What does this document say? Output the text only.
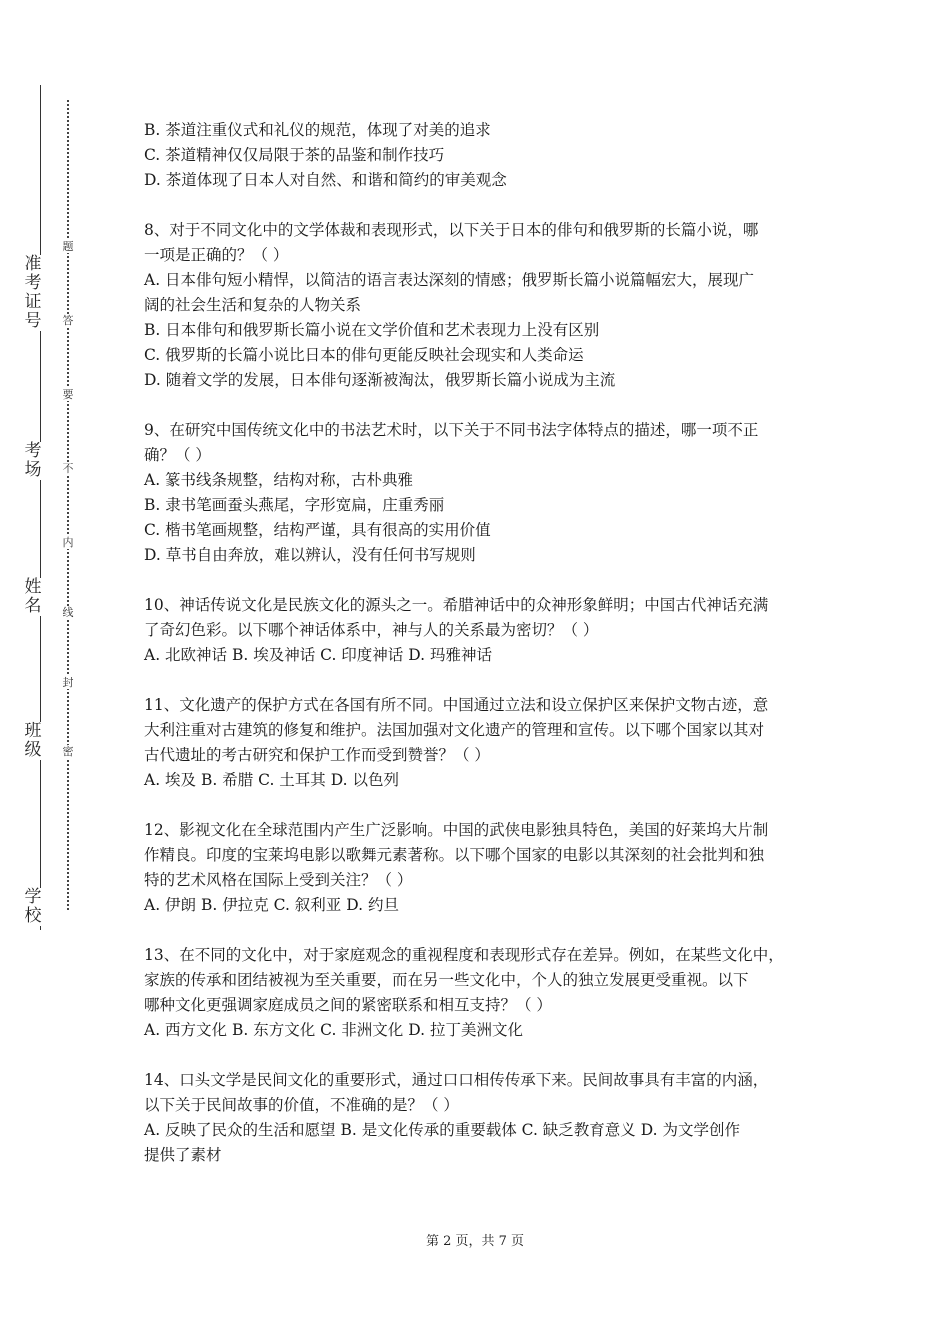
准考证号
考场
姓名
班级
学校
题
答
要
不
内
线
封
密
B. 茶道注重仪式和礼仪的规范，体现了对美的追求
C. 茶道精神仅仅局限于茶的品鉴和制作技巧
D. 茶道体现了日本人对自然、和谐和简约的审美观念
8、对于不同文化中的文学体裁和表现形式，以下关于日本的俳句和俄罗斯的长篇小说，哪
一项是正确的？（ ）
A. 日本俳句短小精悍，以简洁的语言表达深刻的情感；俄罗斯长篇小说篇幅宏大，展现广
阔的社会生活和复杂的人物关系
B. 日本俳句和俄罗斯长篇小说在文学价值和艺术表现力上没有区别
C. 俄罗斯的长篇小说比日本的俳句更能反映社会现实和人类命运
D. 随着文学的发展，日本俳句逐渐被淘汰，俄罗斯长篇小说成为主流
9、在研究中国传统文化中的书法艺术时，以下关于不同书法字体特点的描述，哪一项不正
确？（ ）
A. 篆书线条规整，结构对称，古朴典雅
B. 隶书笔画蚕头燕尾，字形宽扁，庄重秀丽
C. 楷书笔画规整，结构严谨，具有很高的实用价值
D. 草书自由奔放，难以辨认，没有任何书写规则
10、神话传说文化是民族文化的源头之一。希腊神话中的众神形象鲜明；中国古代神话充满
了奇幻色彩。以下哪个神话体系中，神与人的关系最为密切？（ ）
A. 北欧神话 B. 埃及神话 C. 印度神话 D. 玛雅神话
11、文化遗产的保护方式在各国有所不同。中国通过立法和设立保护区来保护文物古迹，意
大利注重对古建筑的修复和维护。法国加强对文化遗产的管理和宣传。以下哪个国家以其对
古代遗址的考古研究和保护工作而受到赞誉？（ ）
A. 埃及 B. 希腊 C. 土耳其 D. 以色列
12、影视文化在全球范围内产生广泛影响。中国的武侠电影独具特色，美国的好莱坞大片制
作精良。印度的宝莱坞电影以歌舞元素著称。以下哪个国家的电影以其深刻的社会批判和独
特的艺术风格在国际上受到关注？（ ）
A. 伊朗 B. 伊拉克 C. 叙利亚 D. 约旦
13、在不同的文化中，对于家庭观念的重视程度和表现形式存在差异。例如，在某些文化中，
家族的传承和团结被视为至关重要，而在另一些文化中，个人的独立发展更受重视。以下
哪种文化更强调家庭成员之间的紧密联系和相互支持？（ ）
A. 西方文化 B. 东方文化 C. 非洲文化 D. 拉丁美洲文化
14、口头文学是民间文化的重要形式，通过口口相传传承下来。民间故事具有丰富的内涵，
以下关于民间故事的价值，不准确的是？（ ）
A. 反映了民众的生活和愿望 B. 是文化传承的重要载体 C. 缺乏教育意义 D. 为文学创作
提供了素材
第 2 页，共 7 页
